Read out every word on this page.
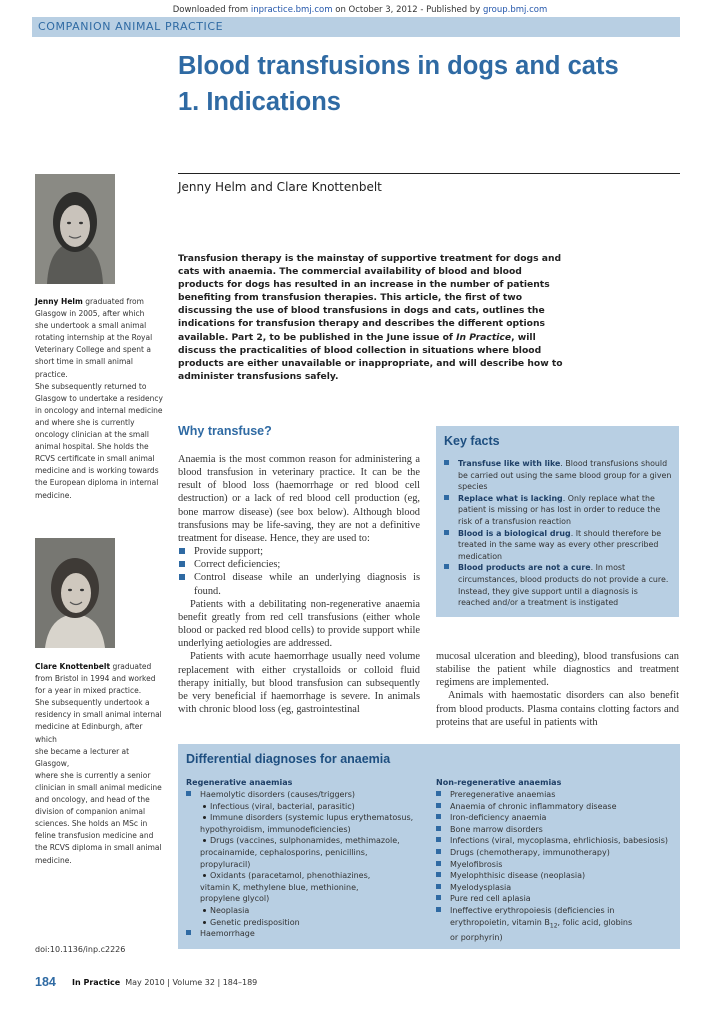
Downloaded from inpractice.bmj.com on October 3, 2012 - Published by group.bmj.com
COMPANION ANIMAL PRACTICE
Blood transfusions in dogs and cats
1. Indications
Jenny Helm and Clare Knottenbelt
Jenny Helm graduated from
Glasgow in 2005, after which
she undertook a small animal
rotating internship at the Royal
Veterinary College and spent a
short time in small animal practice.
She subsequently returned to
Glasgow to undertake a residency
in oncology and internal medicine
and where she is currently
oncology clinician at the small
animal hospital. She holds the
RCVS certificate in small animal
medicine and is working towards
the European diploma in internal
medicine.
Clare Knottenbelt graduated
from Bristol in 1994 and worked
for a year in mixed practice.
She subsequently undertook a
residency in small animal internal
medicine at Edinburgh, after which
she became a lecturer at Glasgow,
where she is currently a senior
clinician in small animal medicine
and oncology, and head of the
division of companion animal
sciences. She holds an MSc in
feline transfusion medicine and
the RCVS diploma in small animal
medicine.
Transfusion therapy is the mainstay of supportive treatment for dogs and cats with anaemia. The commercial availability of blood and blood products for dogs has resulted in an increase in the number of patients benefiting from transfusion therapies. This article, the first of two discussing the use of blood transfusions in dogs and cats, outlines the indications for transfusion therapy and describes the different options available. Part 2, to be published in the June issue of In Practice, will discuss the practicalities of blood collection in situations where blood products are either unavailable or inappropriate, and will describe how to administer transfusions safely.
Why transfuse?

Anaemia is the most common reason for administering a blood transfusion in veterinary practice. It can be the result of blood loss (haemorrhage or red blood cell destruction) or a lack of red blood cell production (eg, bone marrow disease) (see box below). Although blood transfusions may be life-saving, they are not a definitive treatment for disease. Hence, they are used to:

Provide support;
Correct deficiencies;
Control disease while an underlying diagnosis is found.

Patients with a debilitating non-regenerative anaemia benefit greatly from red cell transfusions (either whole blood or packed red blood cells) to provide support while underlying aetiologies are addressed.

Patients with acute haemorrhage usually need volume replacement with either crystalloids or colloid fluid therapy initially, but blood transfusion can subsequently be very beneficial if haemorrhage is severe. In animals with chronic blood loss (eg, gastrointestinal

mucosal ulceration and bleeding), blood transfusions can stabilise the patient while diagnostics and treatment regimens are implemented.

Animals with haemostatic disorders can also benefit from blood products. Plasma contains clotting factors and proteins that are useful in patients with

Key facts
Transfuse like with like. Blood transfusions should be carried out using the same blood group for a given species
Replace what is lacking. Only replace what the patient is missing or has lost in order to reduce the risk of a transfusion reaction
Blood is a biological drug. It should therefore be treated in the same way as every other prescribed medication
Blood products are not a cure. In most circumstances, blood products do not provide a cure. Instead, they give support until a diagnosis is reached and/or a treatment is instigated
Differential diagnoses for anaemia
Regenerative anaemias
Haemolytic disorders (causes/triggers)
Infectious (viral, bacterial, parasitic)
Immune disorders (systemic lupus erythematosus,
hypothyroidism, immunodeficiencies)
Drugs (vaccines, sulphonamides, methimazole,
procainamide, cephalosporins, penicillins,
propyluracil)
Oxidants (paracetamol, phenothiazines,
vitamin K, methylene blue, methionine,
propylene glycol)
Neoplasia
Genetic predisposition
Haemorrhage
Non-regenerative anaemias
Preregenerative anaemias
Anaemia of chronic inflammatory disease
Iron-deficiency anaemia
Bone marrow disorders
Infections (viral, mycoplasma, ehrlichiosis, babesiosis)
Drugs (chemotherapy, immunotherapy)
Myelofibrosis
Myelophthisic disease (neoplasia)
Myelodysplasia
Pure red cell aplasia
Ineffective erythropoiesis (deficiencies in
erythropoietin, vitamin $B_{12}$, folic acid, globins
or porphyrin)
doi:10.1136/inp.c2226
184 In Practice May 2010 | Volume 32 | 184–189
